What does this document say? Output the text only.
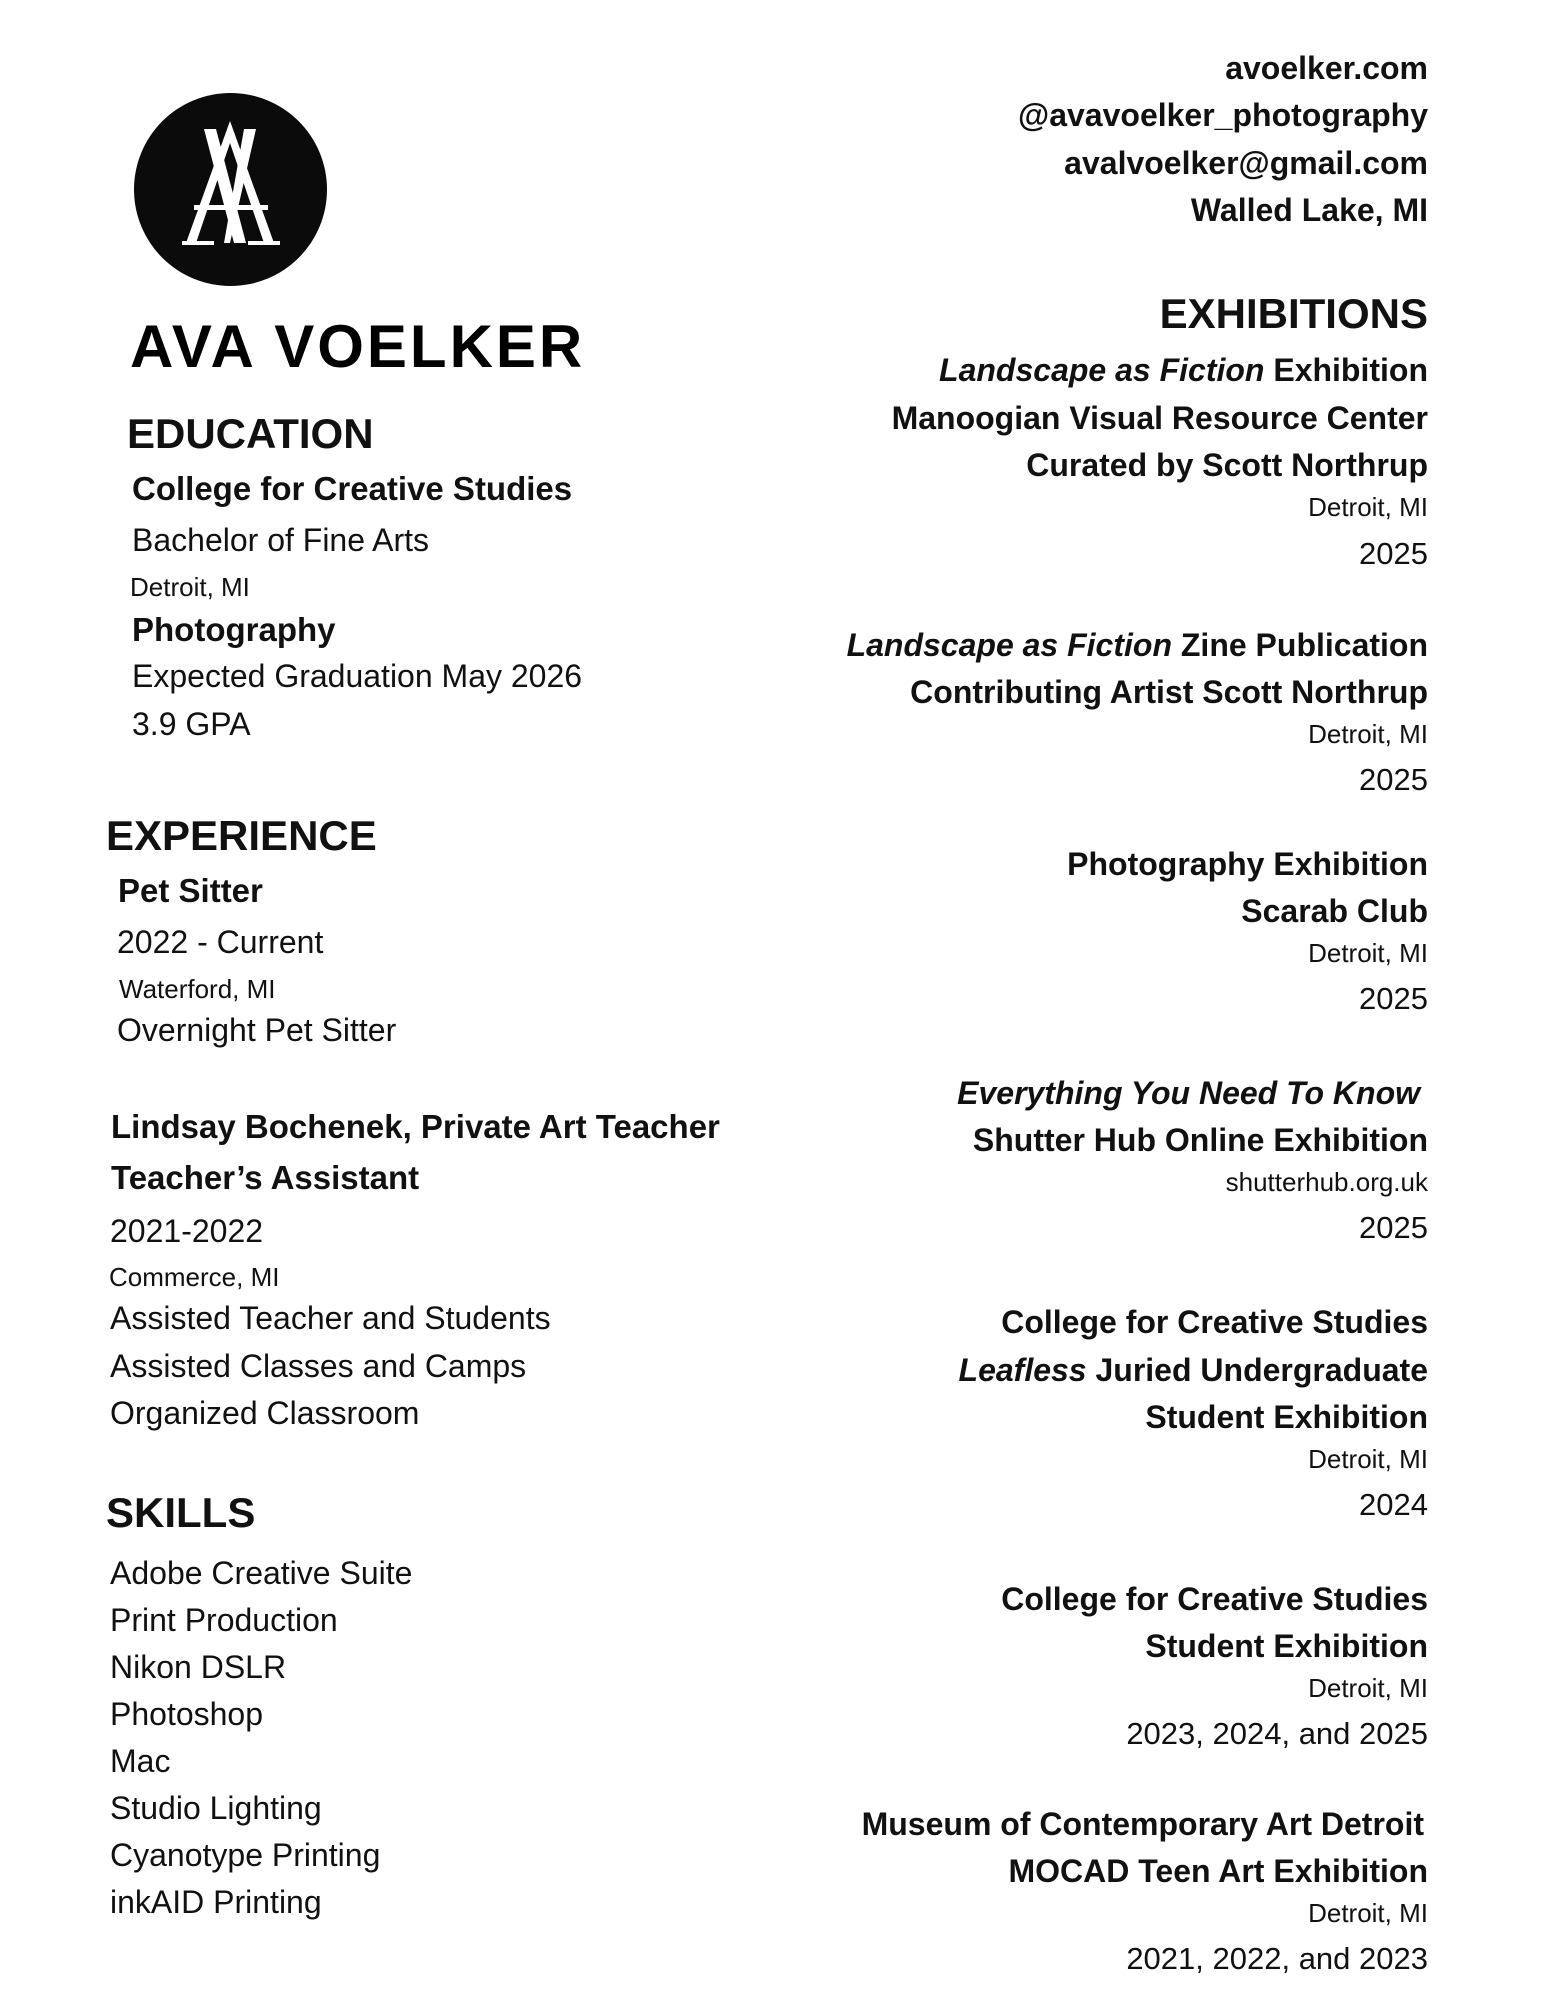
AVA VOELKER
EDUCATION
College for Creative Studies
Bachelor of Fine Arts
Detroit, MI
Photography
Expected Graduation May 2026
3.9 GPA
EXPERIENCE
Pet Sitter
2022 - Current
Waterford, MI
Overnight Pet Sitter
Lindsay Bochenek, Private Art Teacher
Teacher’s Assistant
2021-2022
Commerce, MI
Assisted Teacher and Students
Assisted Classes and Camps
Organized Classroom
SKILLS
Adobe Creative Suite
Print Production
Nikon DSLR
Photoshop
Mac
Studio Lighting
Cyanotype Printing
inkAID Printing
avoelker.com
@avavoelker_photography
avalvoelker@gmail.com
Walled Lake, MI
EXHIBITIONS
Landscape as Fiction Exhibition
Manoogian Visual Resource Center
Curated by Scott Northrup
Detroit, MI
2025
Landscape as Fiction Zine Publication
Contributing Artist Scott Northrup
Detroit, MI
2025
Photography Exhibition
Scarab Club
Detroit, MI
2025
Everything You Need To Know
Shutter Hub Online Exhibition
shutterhub.org.uk
2025
College for Creative Studies
Leafless Juried Undergraduate
Student Exhibition
Detroit, MI
2024
College for Creative Studies
Student Exhibition
Detroit, MI
2023, 2024, and 2025
Museum of Contemporary Art Detroit
MOCAD Teen Art Exhibition
Detroit, MI
2021, 2022, and 2023
